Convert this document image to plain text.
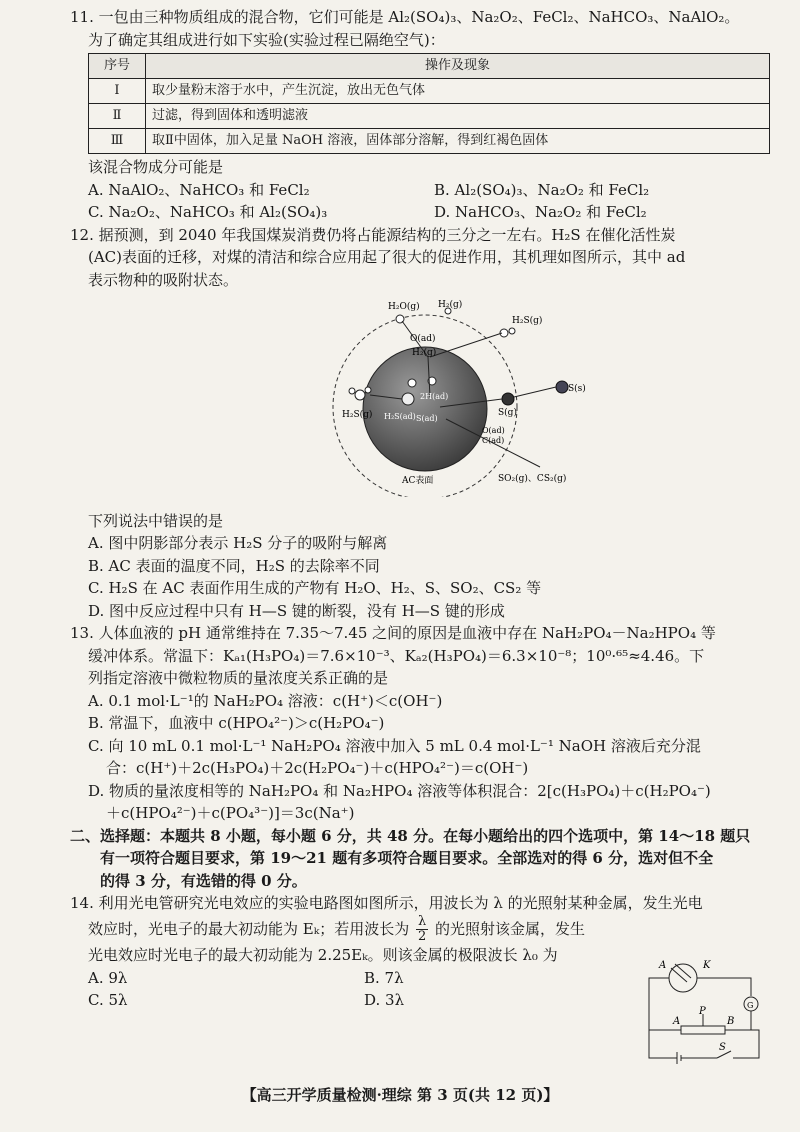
11. 一包由三种物质组成的混合物，它们可能是 Al₂(SO₄)₃、Na₂O₂、FeCl₂、NaHCO₃、NaAlO₂。

为了确定其组成进行如下实验(实验过程已隔绝空气)：

序号	操作及现象
Ⅰ	取少量粉末溶于水中，产生沉淀，放出无色气体
Ⅱ	过滤，得到固体和透明滤液
Ⅲ	取Ⅱ中固体，加入足量 NaOH 溶液，固体部分溶解，得到红褐色固体

该混合物成分可能是

A. NaAlO₂、NaHCO₃ 和 FeCl₂	B. Al₂(SO₄)₃、Na₂O₂ 和 FeCl₂

C. Na₂O₂、NaHCO₃ 和 Al₂(SO₄)₃	D. NaHCO₃、Na₂O₂ 和 FeCl₂

12. 据预测，到 2040 年我国煤炭消费仍将占能源结构的三分之一左右。H₂S 在催化活性炭

(AC)表面的迁移，对煤的清洁和综合应用起了很大的促进作用，其机理如图所示，其中 ad

表示物种的吸附状态。

H₂O(g) H₂(g)
H₂S(g)
O(ad)
H₂(g)
S(s)
S(g)
2H(ad)
H₂S(g) H₂S(ad) S(ad)
O(ad)
C(ad)
AC表面	SO₂(g)、CS₂(g)

下列说法中错误的是

A. 图中阴影部分表示 H₂S 分子的吸附与解离

B. AC 表面的温度不同，H₂S 的去除率不同

C. H₂S 在 AC 表面作用生成的产物有 H₂O、H₂、S、SO₂、CS₂ 等

D. 图中反应过程中只有 H—S 键的断裂，没有 H—S 键的形成

13. 人体血液的 pH 通常维持在 7.35～7.45 之间的原因是血液中存在 NaH₂PO₄－Na₂HPO₄ 等

缓冲体系。常温下：Kₐ₁(H₃PO₄)＝7.6×10⁻³、Kₐ₂(H₃PO₄)＝6.3×10⁻⁸；10⁰·⁶⁵≈4.46。下

列指定溶液中微粒物质的量浓度关系正确的是

A. 0.1 mol·L⁻¹的 NaH₂PO₄ 溶液：c(H⁺)＜c(OH⁻)

B. 常温下，血液中 c(HPO₄²⁻)＞c(H₂PO₄⁻)

C. 向 10 mL 0.1 mol·L⁻¹ NaH₂PO₄ 溶液中加入 5 mL 0.4 mol·L⁻¹ NaOH 溶液后充分混

合：c(H⁺)＋2c(H₃PO₄)＋2c(H₂PO₄⁻)＋c(HPO₄²⁻)＝c(OH⁻)

D. 物质的量浓度相等的 NaH₂PO₄ 和 Na₂HPO₄ 溶液等体积混合：2[c(H₃PO₄)＋c(H₂PO₄⁻)

＋c(HPO₄²⁻)＋c(PO₄³⁻)]＝3c(Na⁺)

二、选择题：本题共 8 小题，每小题 6 分，共 48 分。在每小题给出的四个选项中，第 14～18 题只

有一项符合题目要求，第 19～21 题有多项符合题目要求。全部选对的得 6 分，选对但不全

的得 3 分，有选错的得 0 分。

14. 利用光电管研究光电效应的实验电路图如图所示，用波长为 λ 的光照射某种金属，发生光电

效应时，光电子的最大初动能为 Eₖ；若用波长为 $\frac{\lambda}{2}$ 的光照射该金属，发生

光电效应时光电子的最大初动能为 2.25Eₖ。则该金属的极限波长 λ₀ 为

A. 9λ	B. 7λ

C. 5λ	D. 3λ

A	K
G
A
P
B
S
【高三开学质量检测·理综 第 3 页(共 12 页)】
